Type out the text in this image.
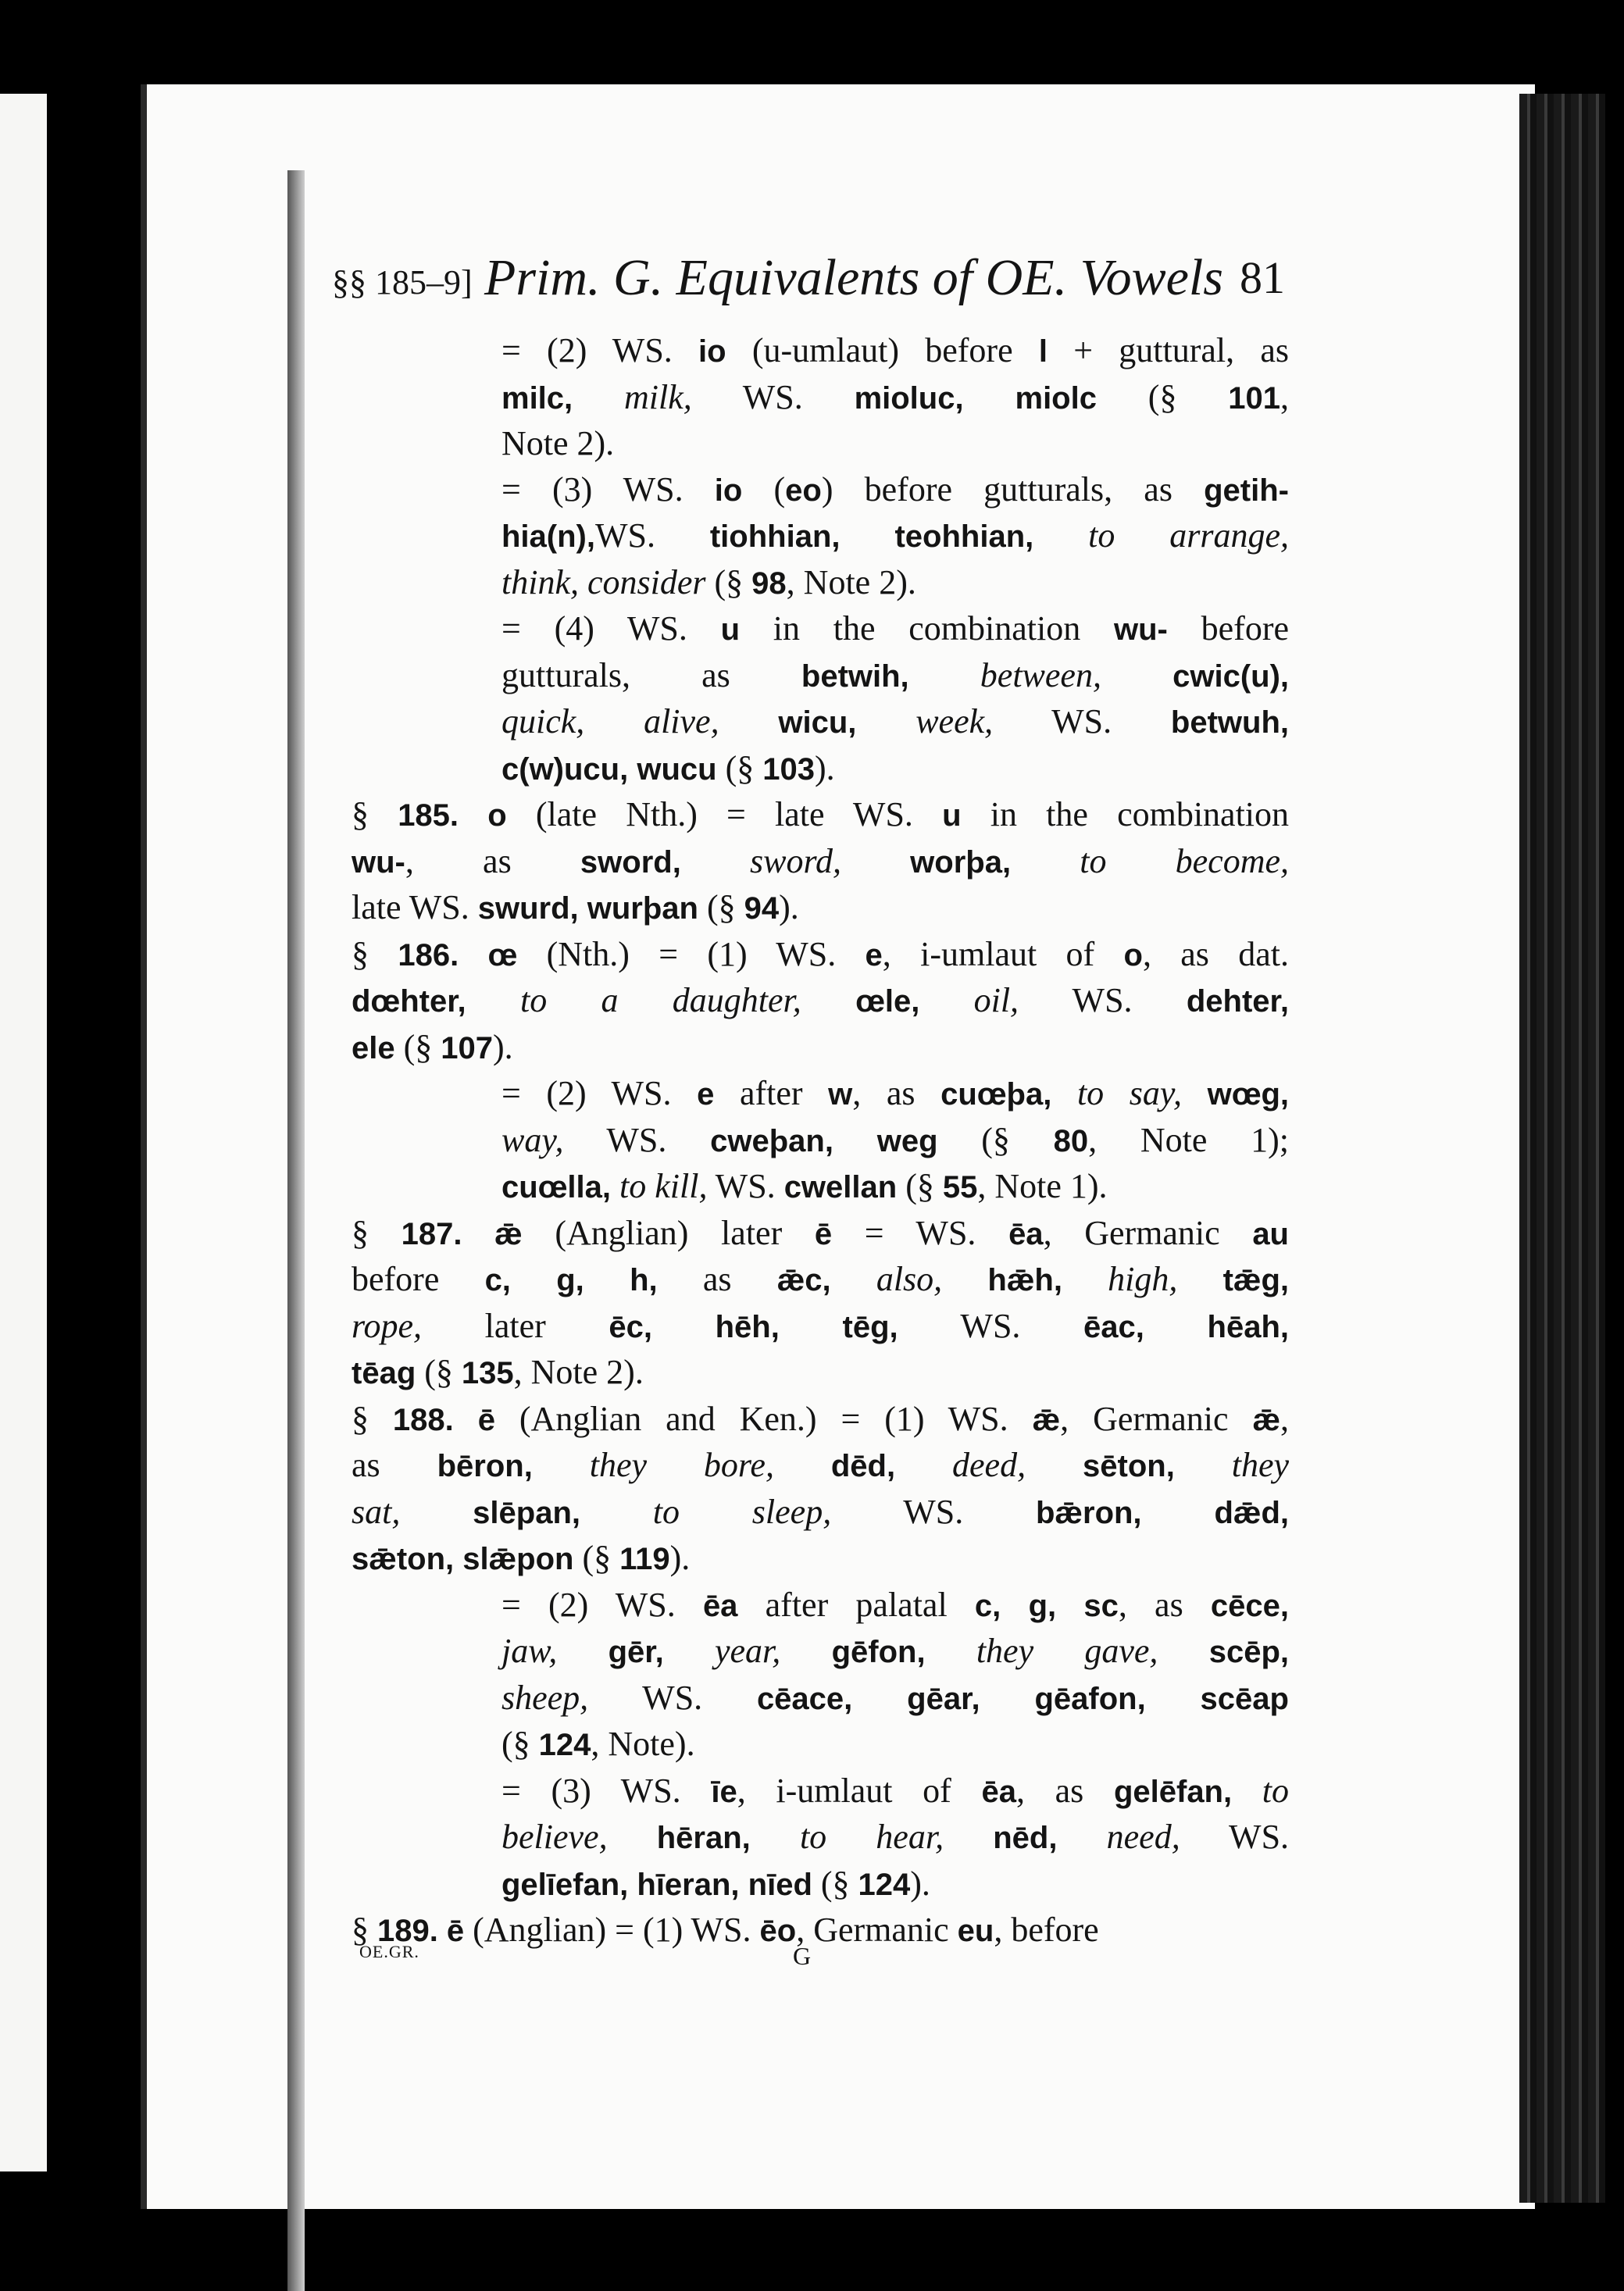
§§ 185–9] Prim. G. Equivalents of OE. Vowels 81

= (2) WS. io (u-umlaut) before l + guttural, as
milc, milk, WS. mioluc, miolc (§ 101,
Note 2).

= (3) WS. io (eo) before gutturals, as getih-
hia(n),WS. tiohhian, teohhian, to arrange,
think, consider (§ 98, Note 2).

= (4) WS. u in the combination wu- before
gutturals, as betwih, between, cwic(u),
quick, alive, wicu, week, WS. betwuh,
c(w)ucu, wucu (§ 103).

§ 185. o (late Nth.) = late WS. u in the combination
wu-, as sword, sword, worþa, to become,
late WS. swurd, wurþan (§ 94).

§ 186. œ (Nth.) = (1) WS. e, i-umlaut of o, as dat.
dœhter, to a daughter, œle, oil, WS. dehter,
ele (§ 107).

= (2) WS. e after w, as cuœþa, to say, wœg,
way, WS. cweþan, weg (§ 80, Note 1);
cuœlla, to kill, WS. cwellan (§ 55, Note 1).

§ 187. ǣ (Anglian) later ē = WS. ēa, Germanic au
before c, g, h, as ǣc, also, hǣh, high, tǣg,
rope, later ēc, hēh, tēg, WS. ēac, hēah,
tēag (§ 135, Note 2).

§ 188. ē (Anglian and Ken.) = (1) WS. ǣ, Germanic ǣ,
as bēron, they bore, dēd, deed, sēton, they
sat, slēpan, to sleep, WS. bǣron, dǣd,
sǣton, slǣpon (§ 119).

= (2) WS. ēa after palatal c, g, sc, as cēce,
jaw, gēr, year, gēfon, they gave, scēp,
sheep, WS. cēace, gēar, gēafon, scēap
(§ 124, Note).

= (3) WS. īe, i-umlaut of ēa, as gelēfan, to
believe, hēran, to hear, nēd, need, WS.
gelīefan, hīeran, nīed (§ 124).

§ 189. ē (Anglian) = (1) WS. ēo, Germanic eu, before

OE.GR.	G
